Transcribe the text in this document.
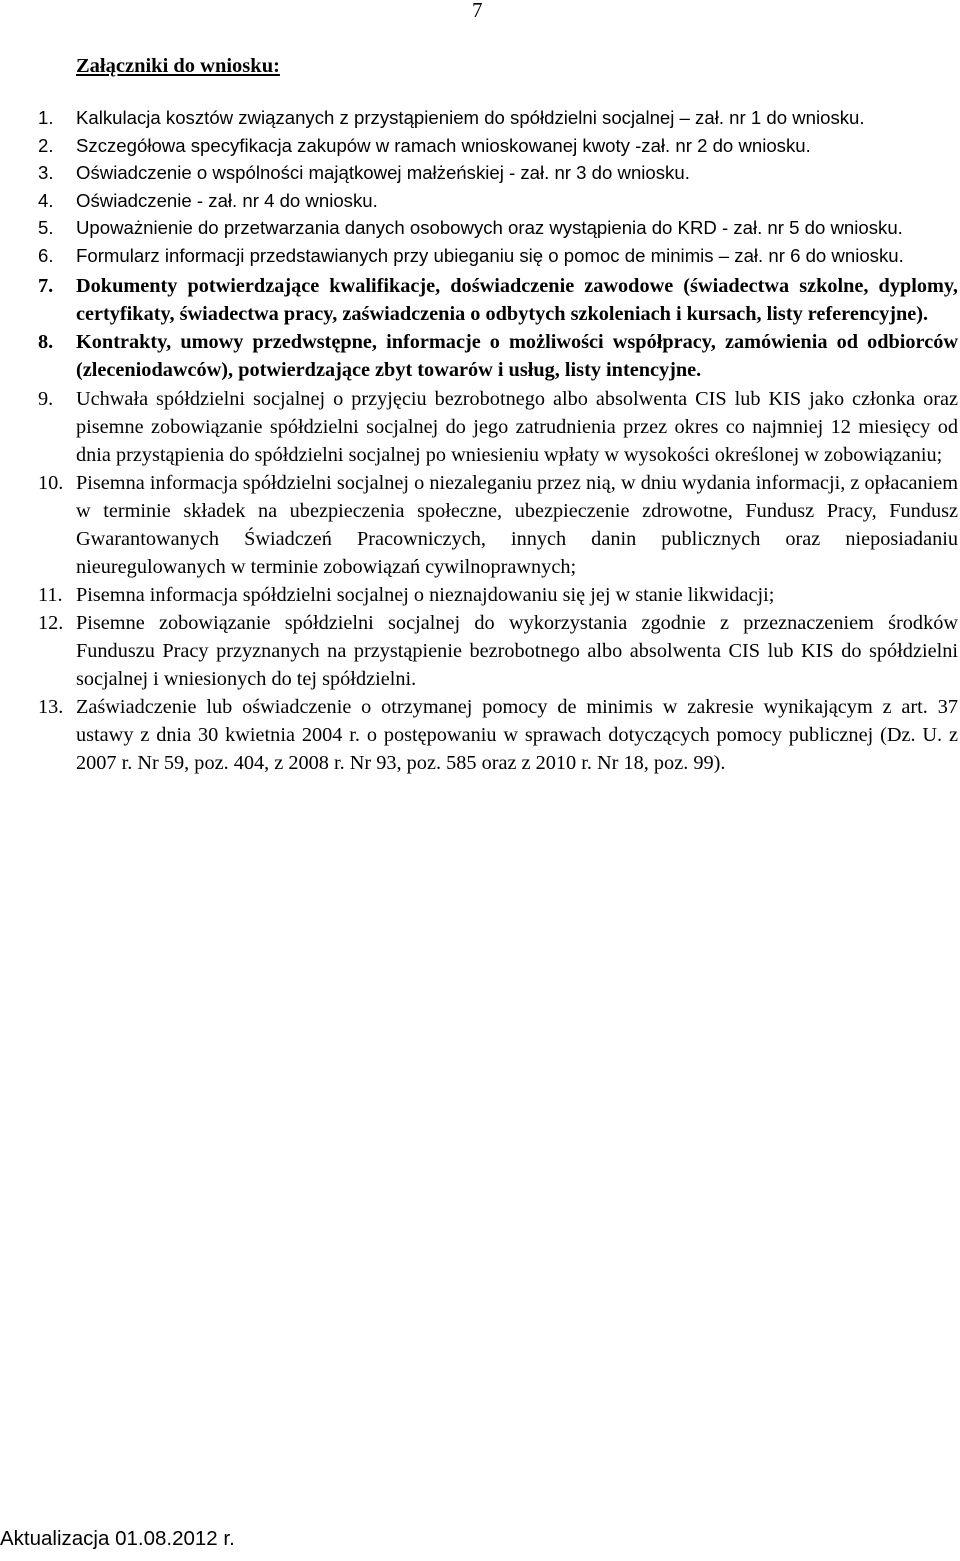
7
Załączniki do wniosku:
1.	Kalkulacja kosztów związanych z przystąpieniem do spółdzielni socjalnej – zał. nr 1 do wniosku.
2.	Szczegółowa specyfikacja zakupów w ramach wnioskowanej kwoty -zał. nr 2 do wniosku.
3.	Oświadczenie o wspólności majątkowej małżeńskiej - zał. nr 3 do wniosku.
4.	Oświadczenie - zał. nr 4 do wniosku.
5.	Upoważnienie do przetwarzania danych osobowych oraz wystąpienia do KRD - zał. nr 5 do wniosku.
6.	Formularz informacji przedstawianych przy ubieganiu się o pomoc de minimis – zał. nr 6 do wniosku.
7.	Dokumenty potwierdzające kwalifikacje, doświadczenie zawodowe (świadectwa szkolne, dyplomy, certyfikaty, świadectwa pracy, zaświadczenia o odbytych szkoleniach i kursach, listy referencyjne).
8.	Kontrakty, umowy przedwstępne, informacje o możliwości współpracy, zamówienia od odbiorców (zleceniodawców), potwierdzające zbyt towarów i usług, listy intencyjne.
9.	Uchwała spółdzielni socjalnej o przyjęciu bezrobotnego albo absolwenta CIS lub KIS jako członka oraz pisemne zobowiązanie spółdzielni socjalnej do jego zatrudnienia przez okres co najmniej 12 miesięcy od dnia przystąpienia do spółdzielni socjalnej po wniesieniu wpłaty w wysokości określonej w zobowiązaniu;
10. Pisemna informacja spółdzielni socjalnej o niezaleganiu przez nią, w dniu wydania informacji, z opłacaniem w terminie składek na ubezpieczenia społeczne, ubezpieczenie zdrowotne, Fundusz Pracy, Fundusz Gwarantowanych Świadczeń Pracowniczych, innych danin publicznych oraz nieposiadaniu nieuregulowanych w terminie zobowiązań cywilnoprawnych;
11. Pisemna informacja spółdzielni socjalnej o nieznajdowaniu się jej w stanie likwidacji;
12. Pisemne zobowiązanie spółdzielni socjalnej do wykorzystania zgodnie z przeznaczeniem środków Funduszu Pracy przyznanych na przystąpienie bezrobotnego albo absolwenta CIS lub KIS do spółdzielni socjalnej i wniesionych do tej spółdzielni.
13. Zaświadczenie lub oświadczenie o otrzymanej pomocy de minimis w zakresie wynikającym z art. 37 ustawy z dnia 30 kwietnia 2004 r. o postępowaniu w sprawach dotyczących pomocy publicznej (Dz. U. z 2007 r. Nr 59, poz. 404, z 2008 r. Nr 93, poz. 585 oraz z 2010 r. Nr 18, poz. 99).
Aktualizacja 01.08.2012 r.
